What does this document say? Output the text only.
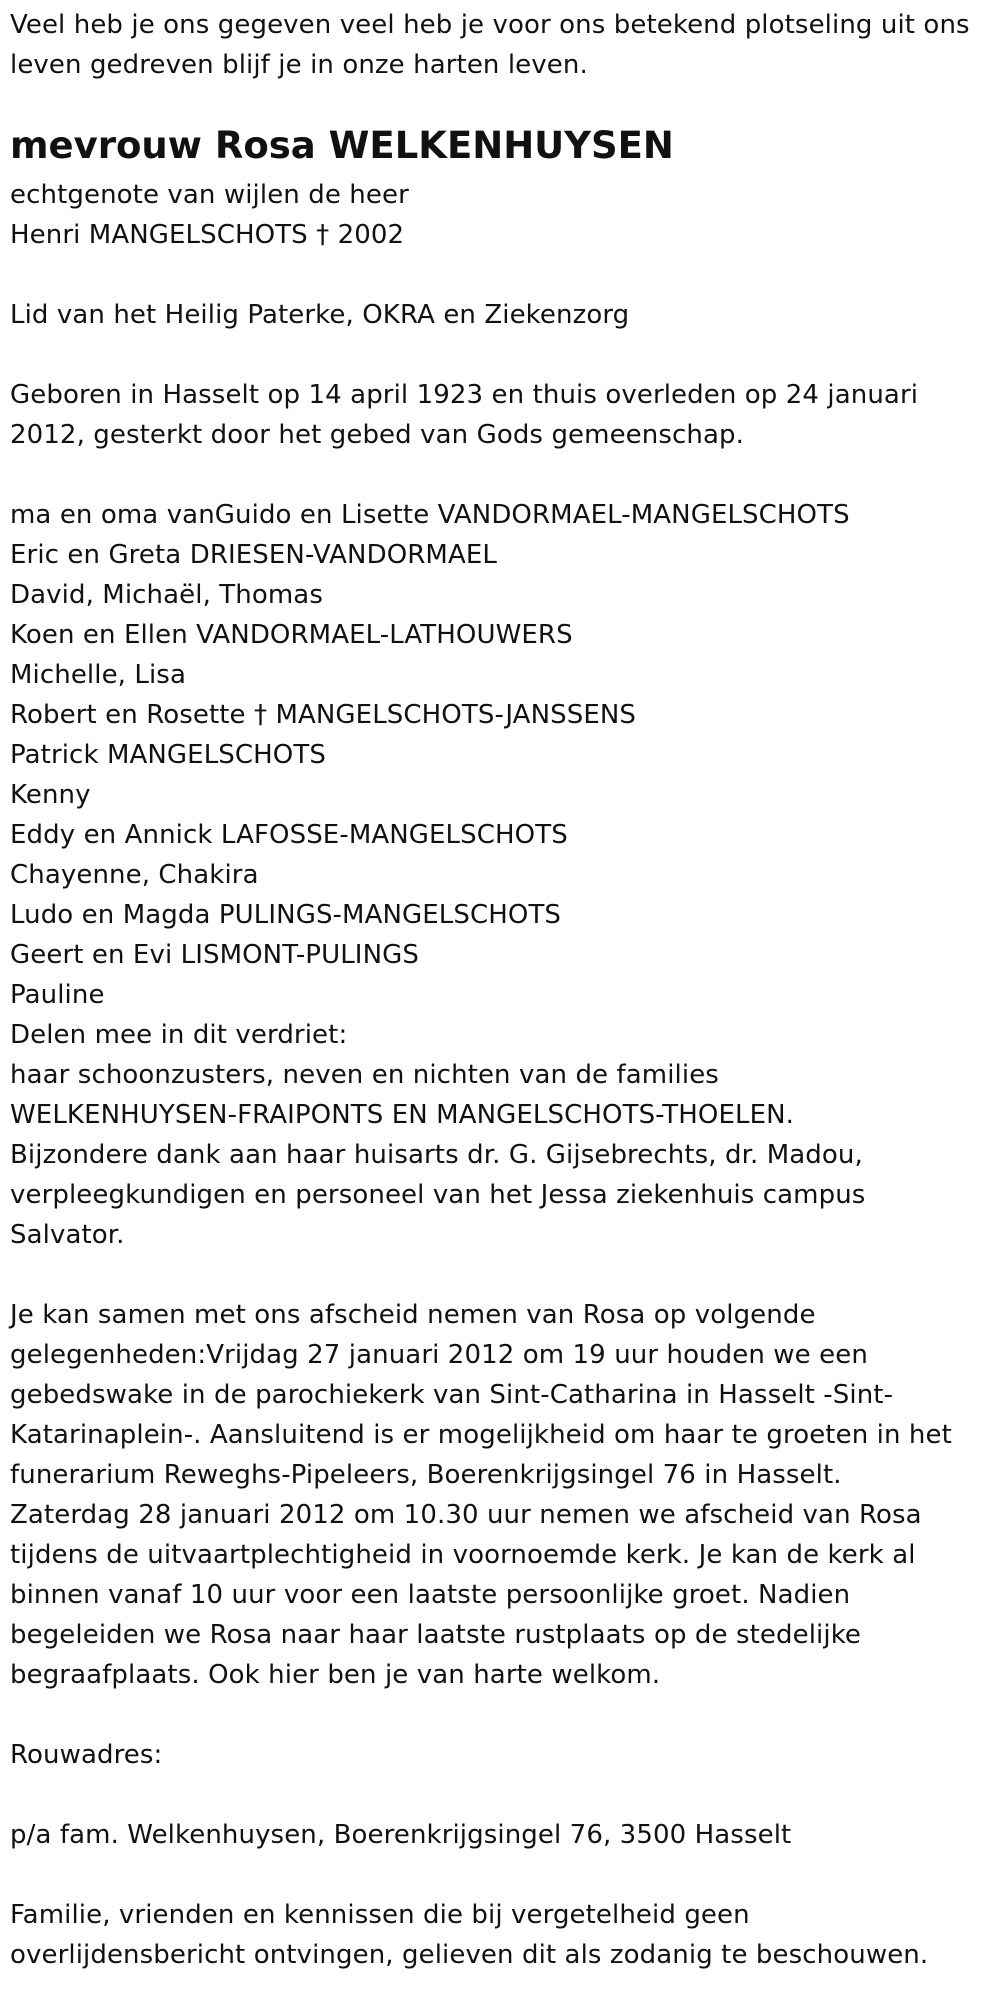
Veel heb je ons gegeven veel heb je voor ons betekend plotseling uit ons
leven gedreven blijf je in onze harten leven.
mevrouw Rosa WELKENHUYSEN
echtgenote van wijlen de heer
Henri MANGELSCHOTS † 2002
Lid van het Heilig Paterke, OKRA en Ziekenzorg
Geboren in Hasselt op 14 april 1923 en thuis overleden op 24 januari
2012, gesterkt door het gebed van Gods gemeenschap.
ma en oma vanGuido en Lisette VANDORMAEL-MANGELSCHOTS
Eric en Greta DRIESEN-VANDORMAEL
David, Michaël, Thomas
Koen en Ellen VANDORMAEL-LATHOUWERS
Michelle, Lisa
Robert en Rosette † MANGELSCHOTS-JANSSENS
Patrick MANGELSCHOTS
Kenny
Eddy en Annick LAFOSSE-MANGELSCHOTS
Chayenne, Chakira
Ludo en Magda PULINGS-MANGELSCHOTS
Geert en Evi LISMONT-PULINGS
Pauline
Delen mee in dit verdriet:
haar schoonzusters, neven en nichten van de families
WELKENHUYSEN-FRAIPONTS EN MANGELSCHOTS-THOELEN.
Bijzondere dank aan haar huisarts dr. G. Gijsebrechts, dr. Madou,
verpleegkundigen en personeel van het Jessa ziekenhuis campus
Salvator.
Je kan samen met ons afscheid nemen van Rosa op volgende
gelegenheden:Vrijdag 27 januari 2012 om 19 uur houden we een
gebedswake in de parochiekerk van Sint-Catharina in Hasselt -Sint-
Katarinaplein-. Aansluitend is er mogelijkheid om haar te groeten in het
funerarium Reweghs-Pipeleers, Boerenkrijgsingel 76 in Hasselt.
Zaterdag 28 januari 2012 om 10.30 uur nemen we afscheid van Rosa
tijdens de uitvaartplechtigheid in voornoemde kerk. Je kan de kerk al
binnen vanaf 10 uur voor een laatste persoonlijke groet. Nadien
begeleiden we Rosa naar haar laatste rustplaats op de stedelijke
begraafplaats. Ook hier ben je van harte welkom.
Rouwadres:
p/a fam. Welkenhuysen, Boerenkrijgsingel 76, 3500 Hasselt
Familie, vrienden en kennissen die bij vergetelheid geen
overlijdensbericht ontvingen, gelieven dit als zodanig te beschouwen.
